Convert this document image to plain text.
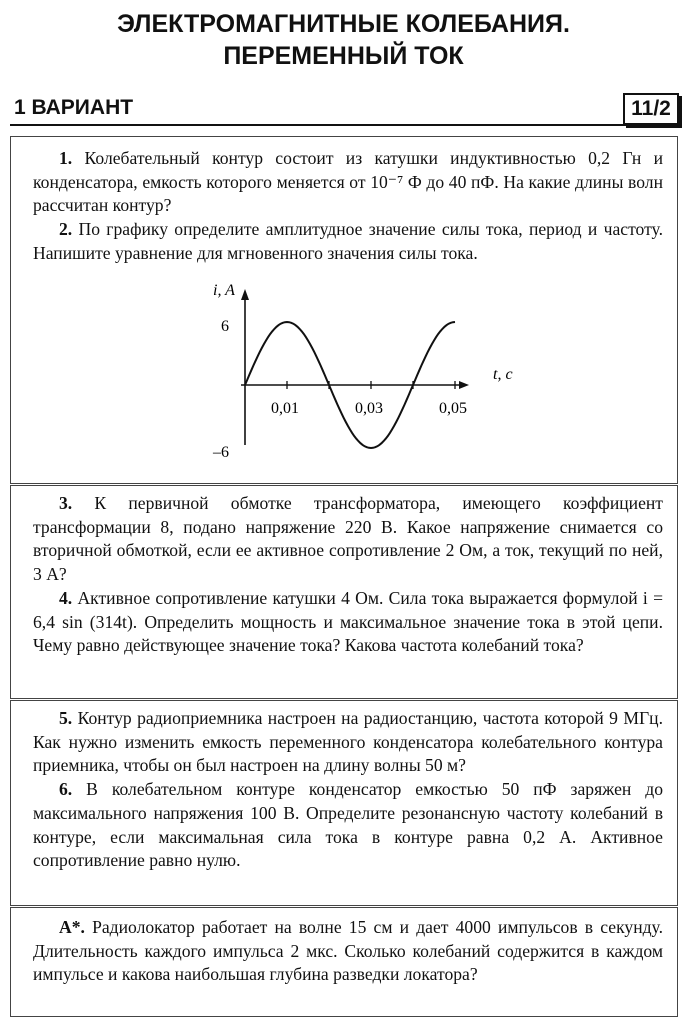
ЭЛЕКТРОМАГНИТНЫЕ КОЛЕБАНИЯ.
ПЕРЕМЕННЫЙ ТОК
1 ВАРИАНТ	11/2

1. Колебательный контур состоит из катушки индуктивностью 0,2 Гн и конденсатора, емкость которого меняется от 10⁻⁷ Ф до 40 пФ. На какие длины волн рассчитан контур?

2. По графику определите амплитудное значение силы тока, период и частоту. Напишите уравнение для мгновенного значения силы тока.

i, A
t, c
6
–6
0,01	0,03	0,05

3. К первичной обмотке трансформатора, имеющего коэффициент трансформации 8, подано напряжение 220 В. Какое напряжение снимается со вторичной обмоткой, если ее активное сопротивление 2 Ом, а ток, текущий по ней, 3 А?

4. Активное сопротивление катушки 4 Ом. Сила тока выражается формулой i = 6,4 sin (314t). Определить мощность и максимальное значение тока в этой цепи. Чему равно действующее значение тока? Какова частота колебаний тока?

5. Контур радиоприемника настроен на радиостанцию, частота которой 9 МГц. Как нужно изменить емкость переменного конденсатора колебательного контура приемника, чтобы он был настроен на длину волны 50 м?

6. В колебательном контуре конденсатор емкостью 50 пФ заряжен до максимального напряжения 100 В. Определите резонансную частоту колебаний в контуре, если максимальная сила тока в контуре равна 0,2 А. Активное сопротивление равно нулю.

А*. Радиолокатор работает на волне 15 см и дает 4000 импульсов в секунду. Длительность каждого импульса 2 мкс. Сколько колебаний содержится в каждом импульсе и какова наибольшая глубина разведки локатора?
